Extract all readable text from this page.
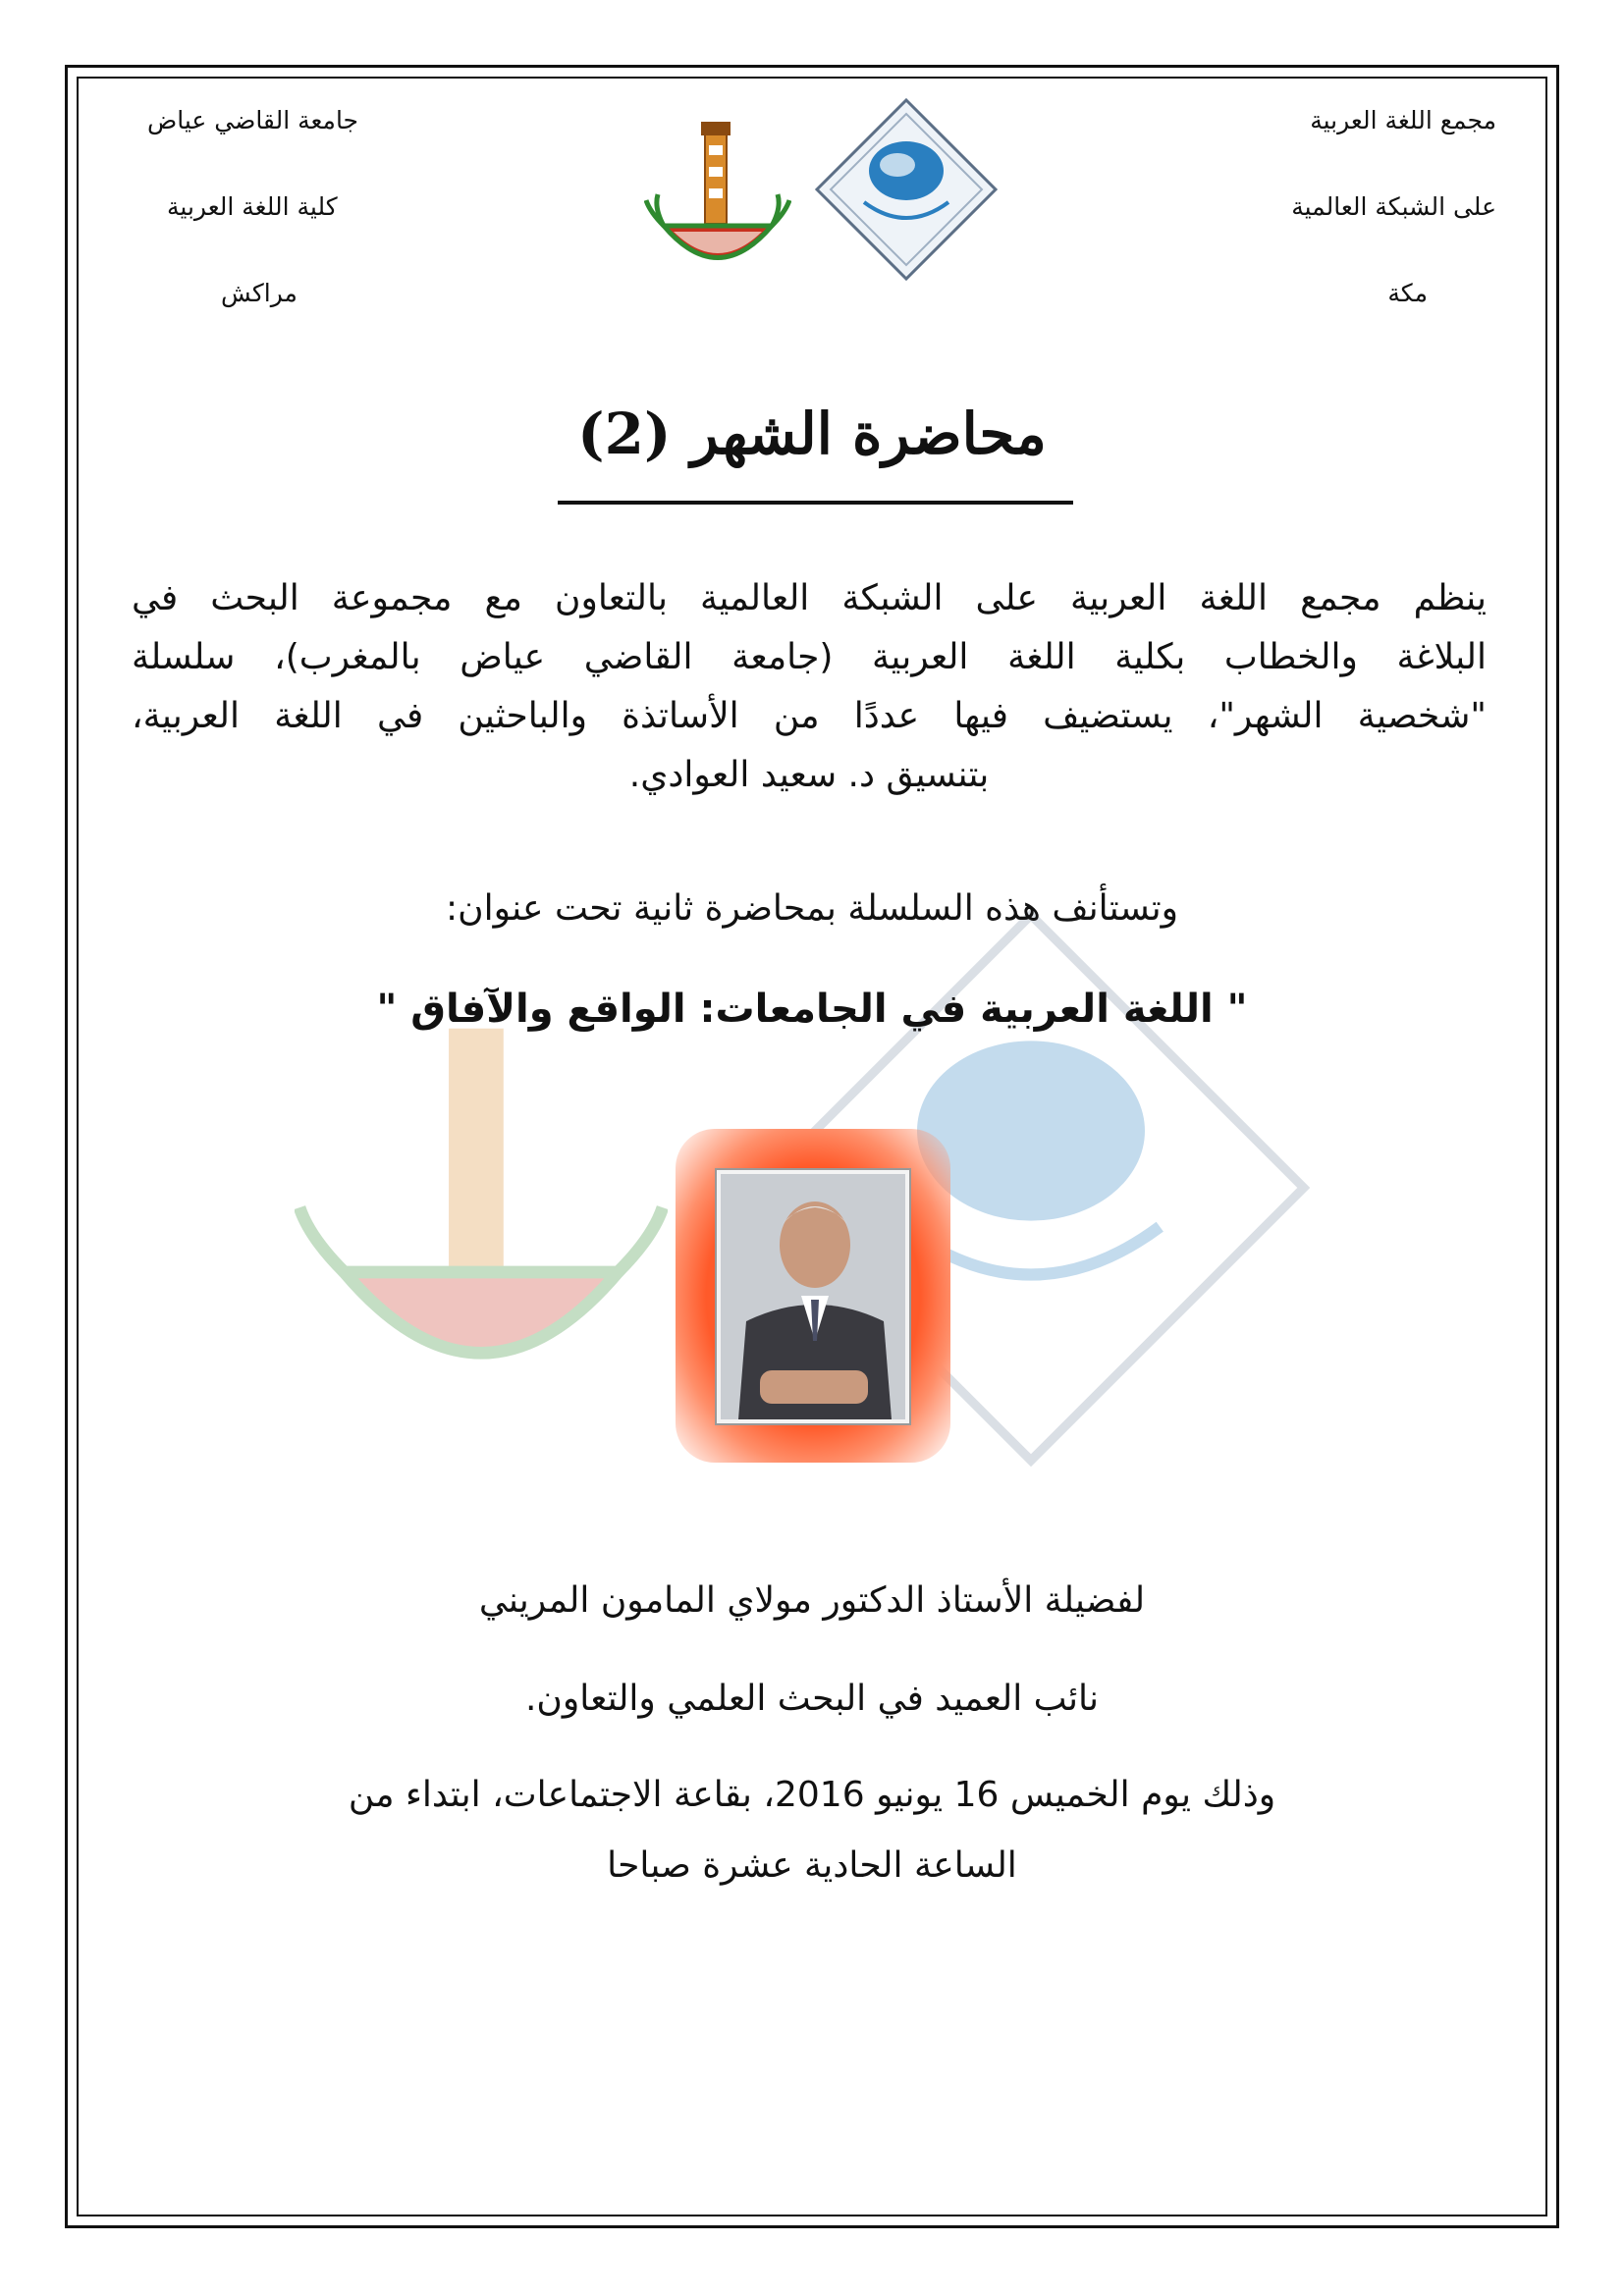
مجمع اللغة العربية
على الشبكة العالمية
مكة
جامعة القاضي عياض
كلية اللغة العربية
مراكش
محاضرة الشهر (2)
ينظم مجمع اللغة العربية على الشبكة العالمية بالتعاون مع مجموعة البحث في
البلاغة والخطاب بكلية اللغة العربية (جامعة القاضي عياض بالمغرب)، سلسلة
"شخصية الشهر"، يستضيف فيها عددًا من الأساتذة والباحثين في اللغة العربية،
بتنسيق د. سعيد العوادي.
وتستأنف هذه السلسلة بمحاضرة ثانية تحت عنوان:
" اللغة العربية في الجامعات: الواقع والآفاق "
لفضيلة الأستاذ الدكتور مولاي المامون المريني
نائب العميد في البحث العلمي والتعاون.
وذلك يوم الخميس 16 يونيو 2016، بقاعة الاجتماعات، ابتداء من
الساعة الحادية عشرة صباحا
